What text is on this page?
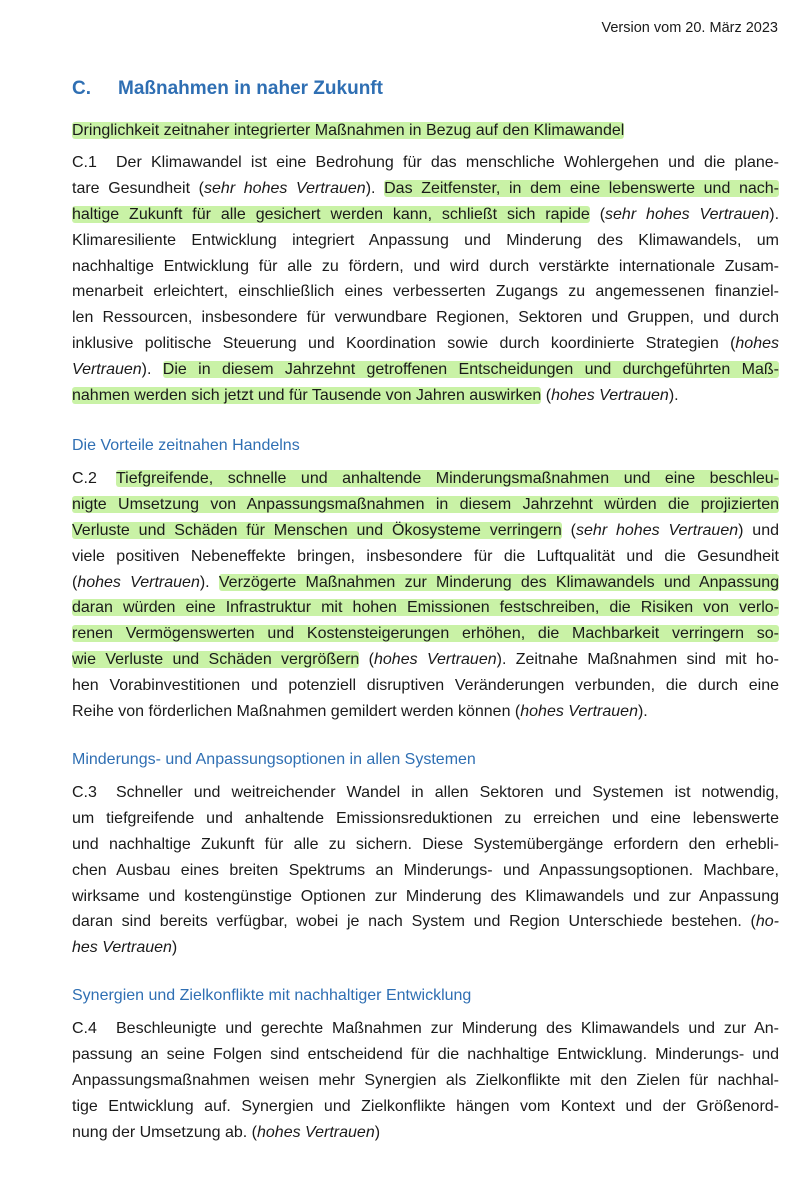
Version vom 20. März 2023
C. Maßnahmen in naher Zukunft
Dringlichkeit zeitnaher integrierter Maßnahmen in Bezug auf den Klimawandel
C.1 Der Klimawandel ist eine Bedrohung für das menschliche Wohlergehen und die plane-
tare Gesundheit (sehr hohes Vertrauen). Das Zeitfenster, in dem eine lebenswerte und nach-
haltige Zukunft für alle gesichert werden kann, schließt sich rapide (sehr hohes Vertrauen).
Klimaresiliente Entwicklung integriert Anpassung und Minderung des Klimawandels, um
nachhaltige Entwicklung für alle zu fördern, und wird durch verstärkte internationale Zusam-
menarbeit erleichtert, einschließlich eines verbesserten Zugangs zu angemessenen finanziel-
len Ressourcen, insbesondere für verwundbare Regionen, Sektoren und Gruppen, und durch
inklusive politische Steuerung und Koordination sowie durch koordinierte Strategien (hohes
Vertrauen). Die in diesem Jahrzehnt getroffenen Entscheidungen und durchgeführten Maß-
nahmen werden sich jetzt und für Tausende von Jahren auswirken (hohes Vertrauen).
Die Vorteile zeitnahen Handelns
C.2 Tiefgreifende, schnelle und anhaltende Minderungsmaßnahmen und eine beschleu-
nigte Umsetzung von Anpassungsmaßnahmen in diesem Jahrzehnt würden die projizierten
Verluste und Schäden für Menschen und Ökosysteme verringern (sehr hohes Vertrauen) und
viele positiven Nebeneffekte bringen, insbesondere für die Luftqualität und die Gesundheit
(hohes Vertrauen). Verzögerte Maßnahmen zur Minderung des Klimawandels und Anpassung
daran würden eine Infrastruktur mit hohen Emissionen festschreiben, die Risiken von verlo-
renen Vermögenswerten und Kostensteigerungen erhöhen, die Machbarkeit verringern so-
wie Verluste und Schäden vergrößern (hohes Vertrauen). Zeitnahe Maßnahmen sind mit ho-
hen Vorabinvestitionen und potenziell disruptiven Veränderungen verbunden, die durch eine
Reihe von förderlichen Maßnahmen gemildert werden können (hohes Vertrauen).
Minderungs- und Anpassungsoptionen in allen Systemen
C.3 Schneller und weitreichender Wandel in allen Sektoren und Systemen ist notwendig,
um tiefgreifende und anhaltende Emissionsreduktionen zu erreichen und eine lebenswerte
und nachhaltige Zukunft für alle zu sichern. Diese Systemübergänge erfordern den erhebli-
chen Ausbau eines breiten Spektrums an Minderungs- und Anpassungsoptionen. Machbare,
wirksame und kostengünstige Optionen zur Minderung des Klimawandels und zur Anpassung
daran sind bereits verfügbar, wobei je nach System und Region Unterschiede bestehen. (ho-
hes Vertrauen)
Synergien und Zielkonflikte mit nachhaltiger Entwicklung
C.4 Beschleunigte und gerechte Maßnahmen zur Minderung des Klimawandels und zur An-
passung an seine Folgen sind entscheidend für die nachhaltige Entwicklung. Minderungs- und
Anpassungsmaßnahmen weisen mehr Synergien als Zielkonflikte mit den Zielen für nachhal-
tige Entwicklung auf. Synergien und Zielkonflikte hängen vom Kontext und der Größenord-
nung der Umsetzung ab. (hohes Vertrauen)
